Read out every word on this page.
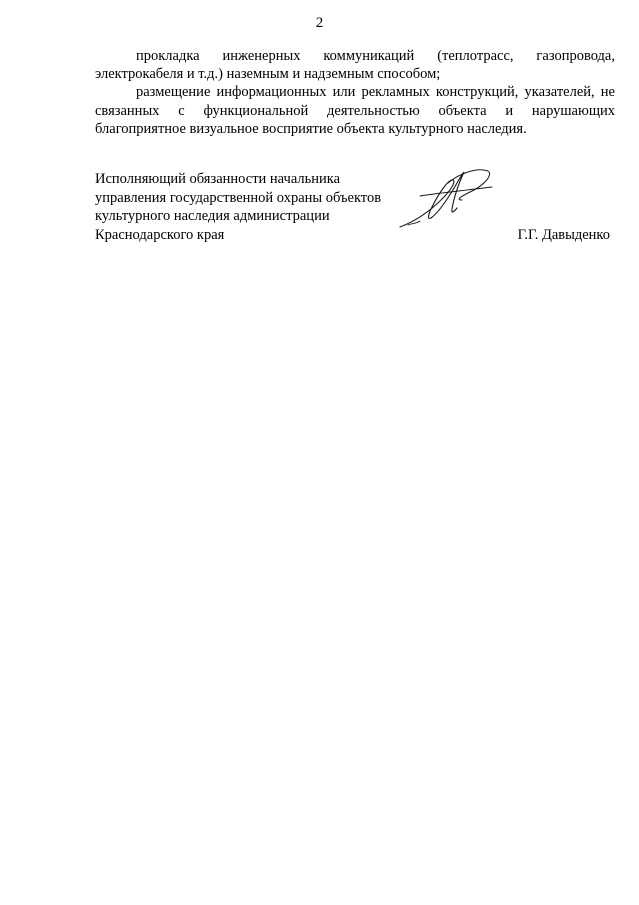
2

прокладка инженерных коммуникаций (теплотрасс, газопровода,
электрокабеля и т.д.) наземным и надземным способом;

размещение информационных или рекламных конструкций, указателей, не связанных с функциональной деятельностью объекта и нарушающих благоприятное визуальное восприятие объекта культурного наследия.

Исполняющий обязанности начальника
управления государственной охраны объектов
культурного наследия администрации
Краснодарского края	Г.Г. Давыденко
